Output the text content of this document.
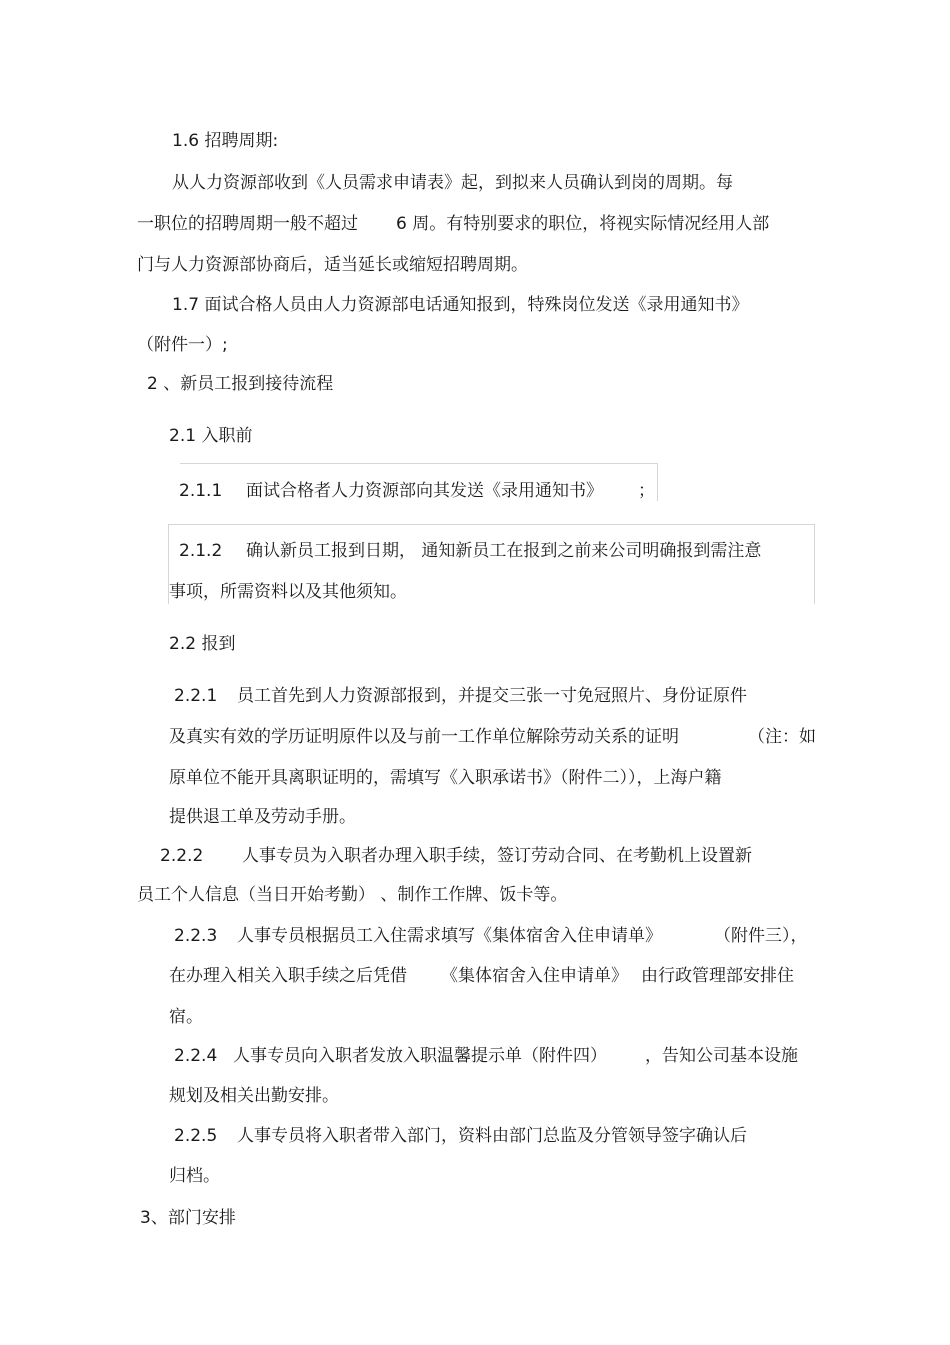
1.6 招聘周期:
从人力资源部收到《人员需求申请表》起，到拟来人员确认到岗的周期。每
一职位的招聘周期一般不超过 6 周。有特别要求的职位，将视实际情况经用人部
门与人力资源部协商后，适当延长或缩短招聘周期。
1.7 面试合格人员由人力资源部电话通知报到，特殊岗位发送《录用通知书》
（附件一）;
2 、新员工报到接待流程
2.1 入职前
2.1.1 面试合格者人力资源部向其发送《录用通知书》 ；
2.1.2 确认新员工报到日期， 通知新员工在报到之前来公司明确报到需注意
事项，所需资料以及其他须知。
2.2 报到
2.2.1 员工首先到人力资源部报到，并提交三张一寸免冠照片、身份证原件
及真实有效的学历证明原件以及与前一工作单位解除劳动关系的证明	（注：如
原单位不能开具离职证明的，需填写《入职承诺书》（附件二）），上海户籍
提供退工单及劳动手册。
2.2.2 人事专员为入职者办理入职手续，签订劳动合同、在考勤机上设置新
员工个人信息（当日开始考勤） 、制作工作牌、饭卡等。
2.2.3 人事专员根据员工入住需求填写《集体宿舍入住申请单》	（附件三），
在办理入相关入职手续之后凭借 《集体宿舍入住申请单》 由行政管理部安排住
宿。
2.2.4 人事专员向入职者发放入职温馨提示单（附件四） ，告知公司基本设施
规划及相关出勤安排。
2.2.5 人事专员将入职者带入部门，资料由部门总监及分管领导签字确认后
归档。
3、部门安排
